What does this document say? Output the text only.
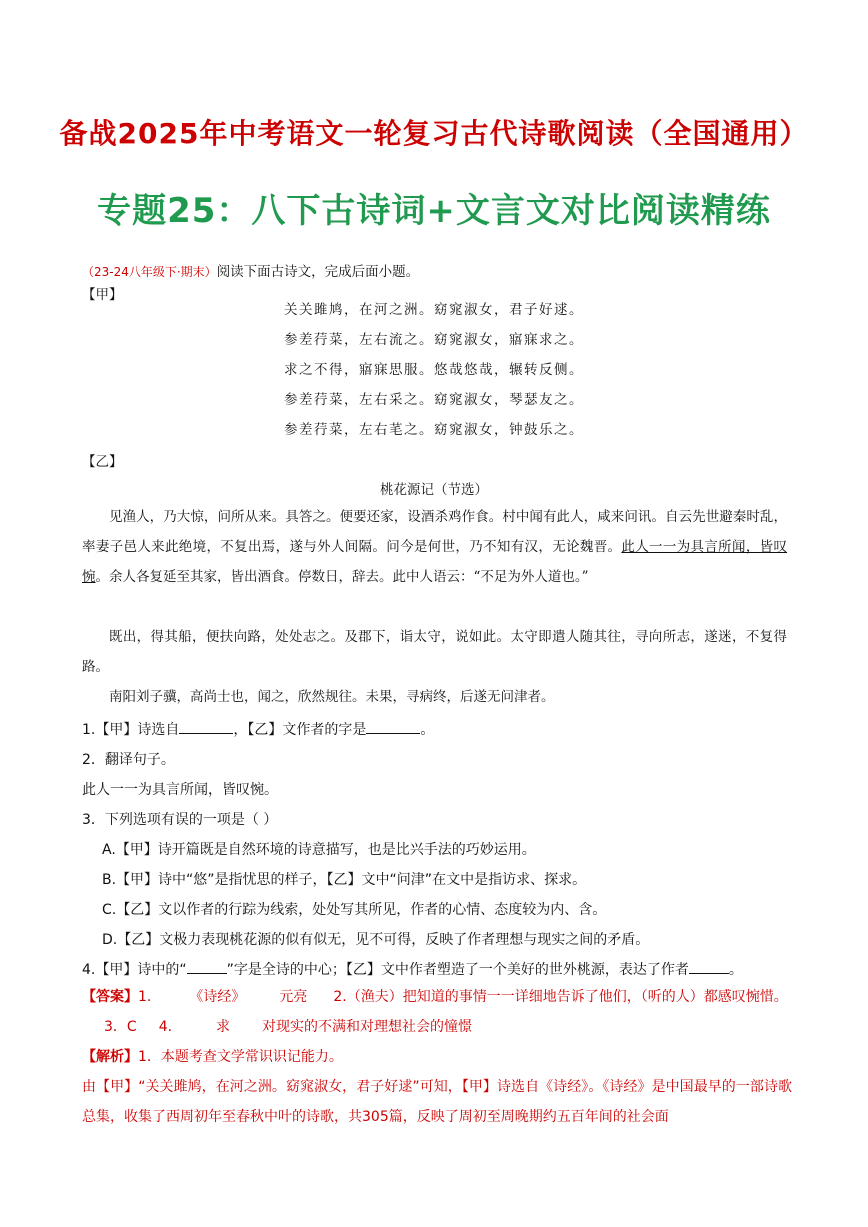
备战2025年中考语文一轮复习古代诗歌阅读（全国通用）
专题25：八下古诗词+文言文对比阅读精练
（23-24八年级下·期末）阅读下面古诗文，完成后面小题。
【甲】
关关雎鸠，在河之洲。窈窕淑女，君子好逑。
参差荇菜，左右流之。窈窕淑女，寤寐求之。
求之不得，寤寐思服。悠哉悠哉，辗转反侧。
参差荇菜，左右采之。窈窕淑女，琴瑟友之。
参差荇菜，左右芼之。窈窕淑女，钟鼓乐之。
【乙】
桃花源记（节选）
见渔人，乃大惊，问所从来。具答之。便要还家，设酒杀鸡作食。村中闻有此人，咸来问讯。自云先世避秦时乱，率妻子邑人来此绝境，不复出焉，遂与外人间隔。问今是何世，乃不知有汉，无论魏晋。此人一一为具言所闻，皆叹惋。余人各复延至其家，皆出酒食。停数日，辞去。此中人语云：“不足为外人道也。”
既出，得其船，便扶向路，处处志之。及郡下，诣太守，说如此。太守即遣人随其往，寻向所志，遂迷，不复得路。
南阳刘子骥，高尚士也，闻之，欣然规往。未果，寻病终，后遂无问津者。
1.【甲】诗选自	，【乙】文作者的字是	。
2．翻译句子。
此人一一为具言所闻，皆叹惋。
3．下列选项有误的一项是（ ）
A.【甲】诗开篇既是自然环境的诗意描写，也是比兴手法的巧妙运用。
B.【甲】诗中“悠”是指忧思的样子，【乙】文中“问津”在文中是指访求、探求。
C.【乙】文以作者的行踪为线索，处处写其所见，作者的心情、态度较为内、含。
D.【乙】文极力表现桃花源的似有似无，见不可得，反映了作者理想与现实之间的矛盾。
4.【甲】诗中的“	”字是全诗的中心；【乙】文中作者塑造了一个美好的世外桃源，表达了作者	。
【答案】1.	《诗经》 元亮 2.（渔夫）把知道的事情一一详细地告诉了他们，（听的人）都感叹惋惜。3．C 4.	求 对现实的不满和对理想社会的憧憬
【解析】1．本题考查文学常识识记能力。
由【甲】“关关雎鸠，在河之洲。窈窕淑女，君子好逑”可知，【甲】诗选自《诗经》。《诗经》是中国最早的一部诗歌总集，收集了西周初年至春秋中叶的诗歌，共305篇，反映了周初至周晚期约五百年间的社会面
